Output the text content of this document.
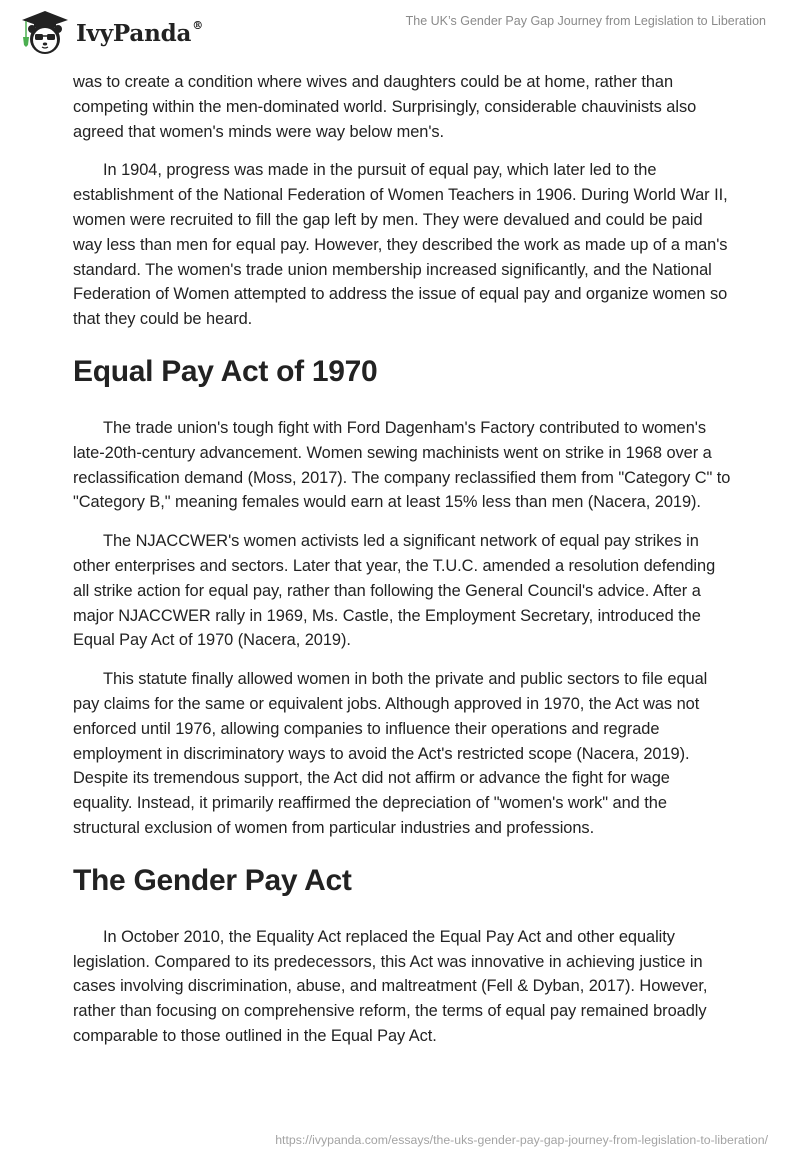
IvyPanda®	The UK’s Gender Pay Gap Journey from Legislation to Liberation

was to create a condition where wives and daughters could be at home, rather than competing within the men-dominated world. Surprisingly, considerable chauvinists also agreed that women's minds were way below men's.

In 1904, progress was made in the pursuit of equal pay, which later led to the establishment of the National Federation of Women Teachers in 1906. During World War II, women were recruited to fill the gap left by men. They were devalued and could be paid way less than men for equal pay. However, they described the work as made up of a man's standard. The women's trade union membership increased significantly, and the National Federation of Women attempted to address the issue of equal pay and organize women so that they could be heard.

Equal Pay Act of 1970

The trade union's tough fight with Ford Dagenham's Factory contributed to women's late-20th-century advancement. Women sewing machinists went on strike in 1968 over a reclassification demand (Moss, 2017). The company reclassified them from "Category C" to "Category B," meaning females would earn at least 15% less than men (Nacera, 2019).

The NJACCWER's women activists led a significant network of equal pay strikes in other enterprises and sectors. Later that year, the T.U.C. amended a resolution defending all strike action for equal pay, rather than following the General Council's advice. After a major NJACCWER rally in 1969, Ms. Castle, the Employment Secretary, introduced the Equal Pay Act of 1970 (Nacera, 2019).

This statute finally allowed women in both the private and public sectors to file equal pay claims for the same or equivalent jobs. Although approved in 1970, the Act was not enforced until 1976, allowing companies to influence their operations and regrade employment in discriminatory ways to avoid the Act's restricted scope (Nacera, 2019). Despite its tremendous support, the Act did not affirm or advance the fight for wage equality. Instead, it primarily reaffirmed the depreciation of "women's work" and the structural exclusion of women from particular industries and professions.

The Gender Pay Act

In October 2010, the Equality Act replaced the Equal Pay Act and other equality legislation. Compared to its predecessors, this Act was innovative in achieving justice in cases involving discrimination, abuse, and maltreatment (Fell & Dyban, 2017). However, rather than focusing on comprehensive reform, the terms of equal pay remained broadly comparable to those outlined in the Equal Pay Act.

https://ivypanda.com/essays/the-uks-gender-pay-gap-journey-from-legislation-to-liberation/
